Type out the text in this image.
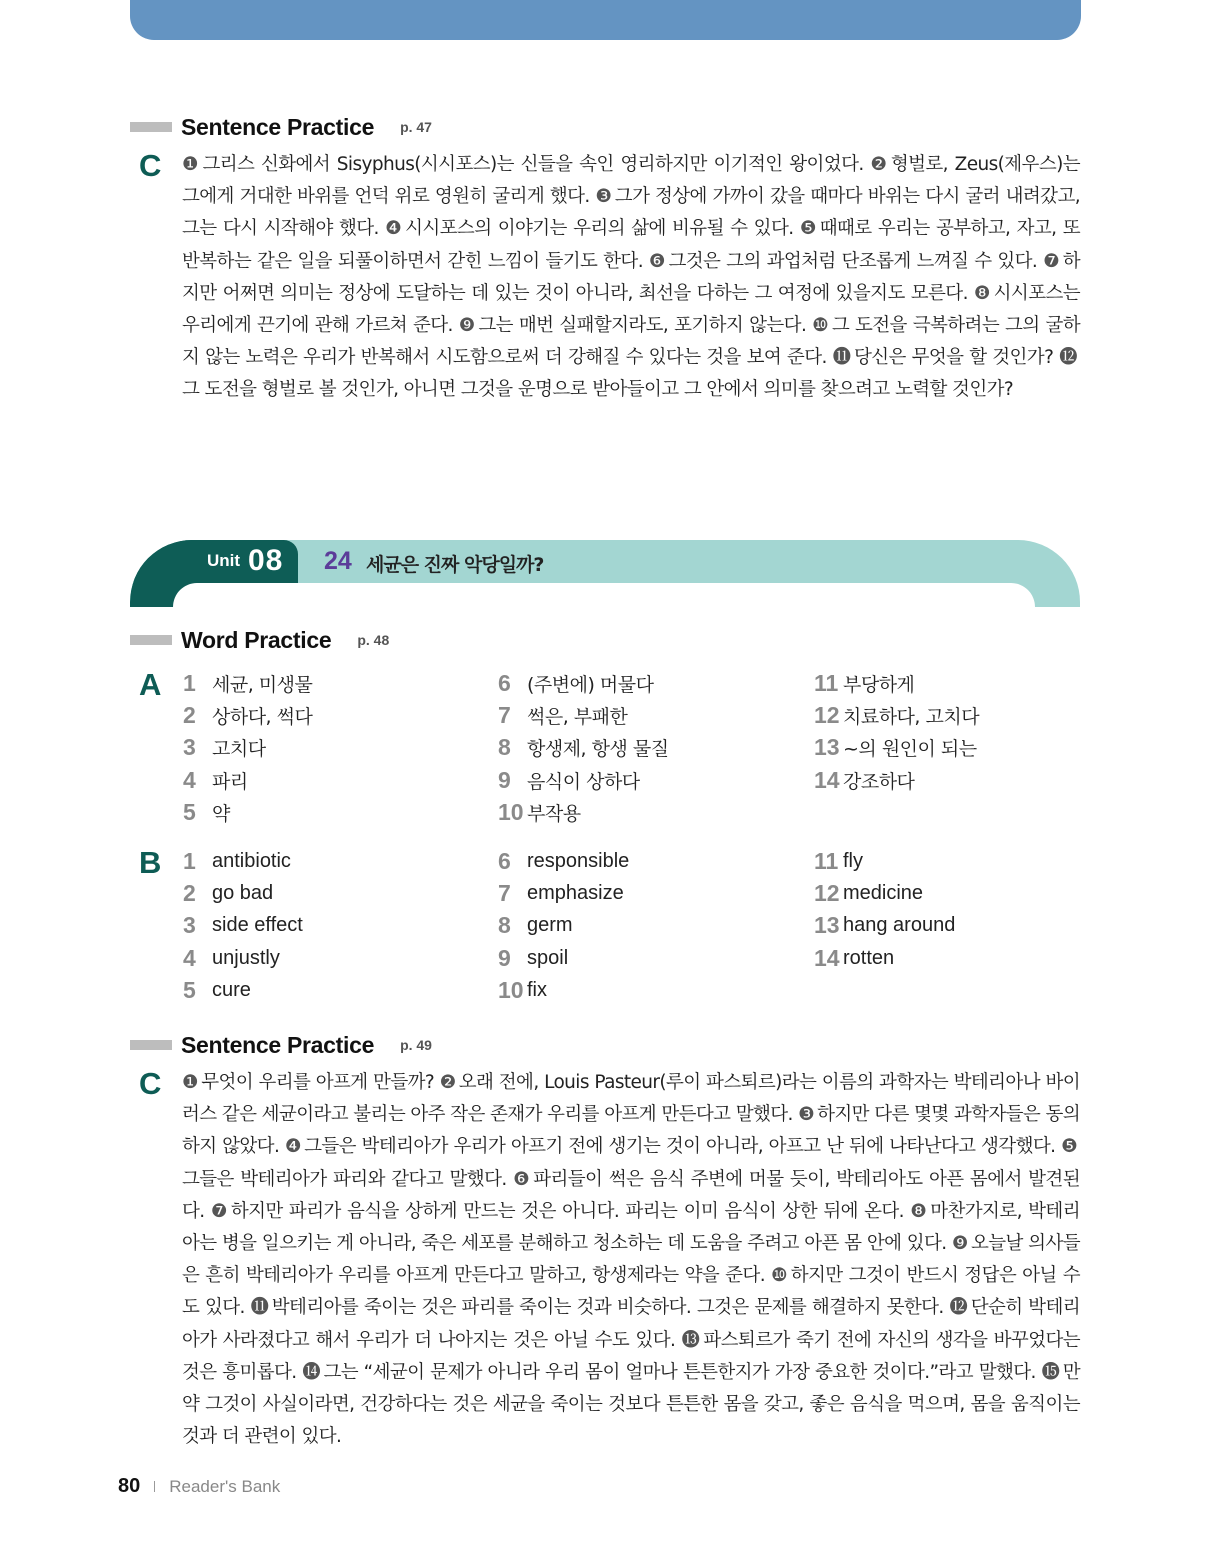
Sentence Practice p. 47
C ❶ 그리스 신화에서 Sisyphus(시시포스)는 신들을 속인 영리하지만 이기적인 왕이었다. ❷ 형벌로, Zeus(제우스)는 그에게 거대한 바위를 언덕 위로 영원히 굴리게 했다. ❸ 그가 정상에 가까이 갔을 때마다 바위는 다시 굴러 내려갔고, 그는 다시 시작해야 했다. ❹ 시시포스의 이야기는 우리의 삶에 비유될 수 있다. ❺ 때때로 우리는 공부하고, 자고, 또 반복하는 같은 일을 되풀이하면서 갇힌 느낌이 들기도 한다. ❻ 그것은 그의 과업처럼 단조롭게 느껴질 수 있다. ❼ 하지만 어쩌면 의미는 정상에 도달하는 데 있는 것이 아니라, 최선을 다하는 그 여정에 있을지도 모른다. ❽ 시시포스는 우리에게 끈기에 관해 가르쳐 준다. ❾ 그는 매번 실패할지라도, 포기하지 않는다. ❿ 그 도전을 극복하려는 그의 굴하지 않는 노력은 우리가 반복해서 시도함으로써 더 강해질 수 있다는 것을 보여 준다. ⓫ 당신은 무엇을 할 것인가? ⓬그 도전을 형벌로 볼 것인가, 아니면 그것을 운명으로 받아들이고 그 안에서 의미를 찾으려고 노력할 것인가?
Unit 08 24 세균은 진짜 악당일까?
Word Practice p. 48
A 1 세균, 미생물
2 상하다, 썩다
3 고치다
4 파리
5 약
6 (주변에) 머물다
7 썩은, 부패한
8 항생제, 항생 물질
9 음식이 상하다
10 부작용
11 부당하게
12 치료하다, 고치다
13 ~의 원인이 되는
14 강조하다
B 1 antibiotic
2 go bad
3 side effect
4 unjustly
5 cure
6 responsible
7 emphasize
8 germ
9 spoil
10 fix
11 fly
12 medicine
13 hang around
14 rotten
Sentence Practice p. 49
C ❶ 무엇이 우리를 아프게 만들까? ❷ 오래 전에, Louis Pasteur(루이 파스퇴르)라는 이름의 과학자는 박테리아나 바이러스 같은 세균이라고 불리는 아주 작은 존재가 우리를 아프게 만든다고 말했다. ❸ 하지만 다른 몇몇 과학자들은 동의하지 않았다. ❹ 그들은 박테리아가 우리가 아프기 전에 생기는 것이 아니라, 아프고 난 뒤에 나타난다고 생각했다. ❺그들은 박테리아가 파리와 같다고 말했다. ❻ 파리들이 썩은 음식 주변에 머물 듯이, 박테리아도 아픈 몸에서 발견된다. ❼ 하지만 파리가 음식을 상하게 만드는 것은 아니다. 파리는 이미 음식이 상한 뒤에 온다. ❽ 마찬가지로, 박테리아는 병을 일으키는 게 아니라, 죽은 세포를 분해하고 청소하는 데 도움을 주려고 아픈 몸 안에 있다. ❾ 오늘날 의사들은 흔히 박테리아가 우리를 아프게 만든다고 말하고, 항생제라는 약을 준다. ❿ 하지만 그것이 반드시 정답은 아닐 수도 있다. ⓫ 박테리아를 죽이는 것은 파리를 죽이는 것과 비슷하다. 그것은 문제를 해결하지 못한다. ⓬ 단순히 박테리아가 사라졌다고 해서 우리가 더 나아지는 것은 아닐 수도 있다. ⓭ 파스퇴르가 죽기 전에 자신의 생각을 바꾸었다는 것은 흥미롭다. ⓮ 그는 “세균이 문제가 아니라 우리 몸이 얼마나 튼튼한지가 가장 중요한 것이다.”라고 말했다. ⓯ 만약 그것이 사실이라면, 건강하다는 것은 세균을 죽이는 것보다 튼튼한 몸을 갖고, 좋은 음식을 먹으며, 몸을 움직이는 것과 더 관련이 있다.
80 Reader's Bank
